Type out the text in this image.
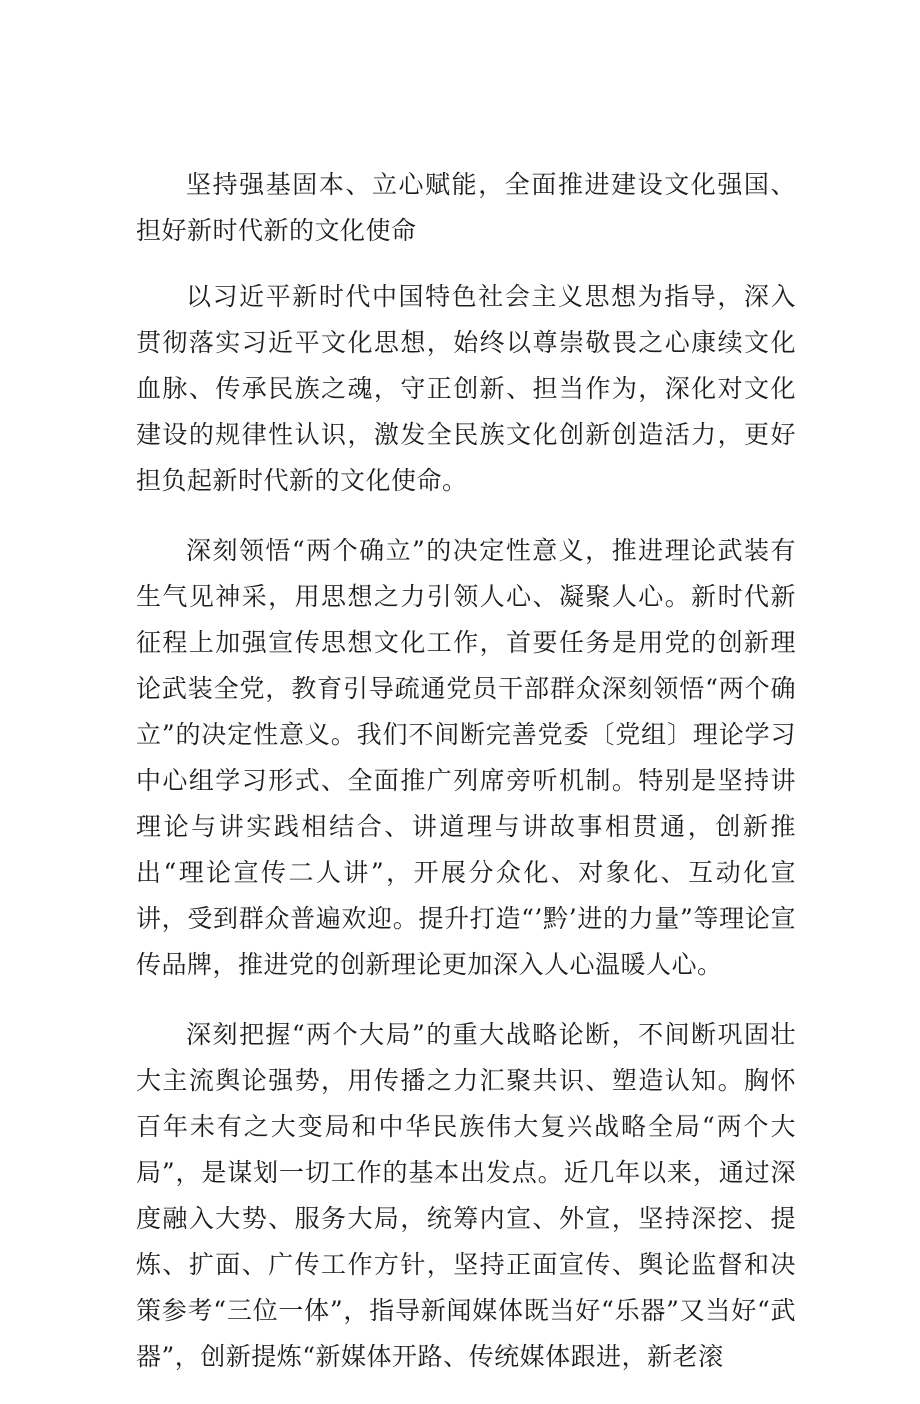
坚持强基固本、立心赋能，全面推进建设文化强国、担好新时代新的文化使命

以习近平新时代中国特色社会主义思想为指导，深入贯彻落实习近平文化思想，始终以尊崇敬畏之心康续文化血脉、传承民族之魂，守正创新、担当作为，深化对文化建设的规律性认识，激发全民族文化创新创造活力，更好担负起新时代新的文化使命。

深刻领悟“两个确立”的决定性意义，推进理论武装有生气见神采，用思想之力引领人心、凝聚人心。新时代新征程上加强宣传思想文化工作，首要任务是用党的创新理论武装全党，教育引导疏通党员干部群众深刻领悟“两个确立”的决定性意义。我们不间断完善党委〔党组〕理论学习中心组学习形式、全面推广列席旁听机制。特别是坚持讲理论与讲实践相结合、讲道理与讲故事相贯通，创新推出“理论宣传二人讲”，开展分众化、对象化、互动化宣讲，受到群众普遍欢迎。提升打造“’黔’进的力量”等理论宣传品牌，推进党的创新理论更加深入人心温暖人心。

深刻把握“两个大局”的重大战略论断，不间断巩固壮大主流舆论强势，用传播之力汇聚共识、塑造认知。胸怀百年未有之大变局和中华民族伟大复兴战略全局“两个大局”，是谋划一切工作的基本出发点。近几年以来，通过深度融入大势、服务大局，统筹内宣、外宣，坚持深挖、提炼、扩面、广传工作方针，坚持正面宣传、舆论监督和决策参考“三位一体”，指导新闻媒体既当好“乐器”又当好“武器”，创新提炼“新媒体开路、传统媒体跟进，新老滚
